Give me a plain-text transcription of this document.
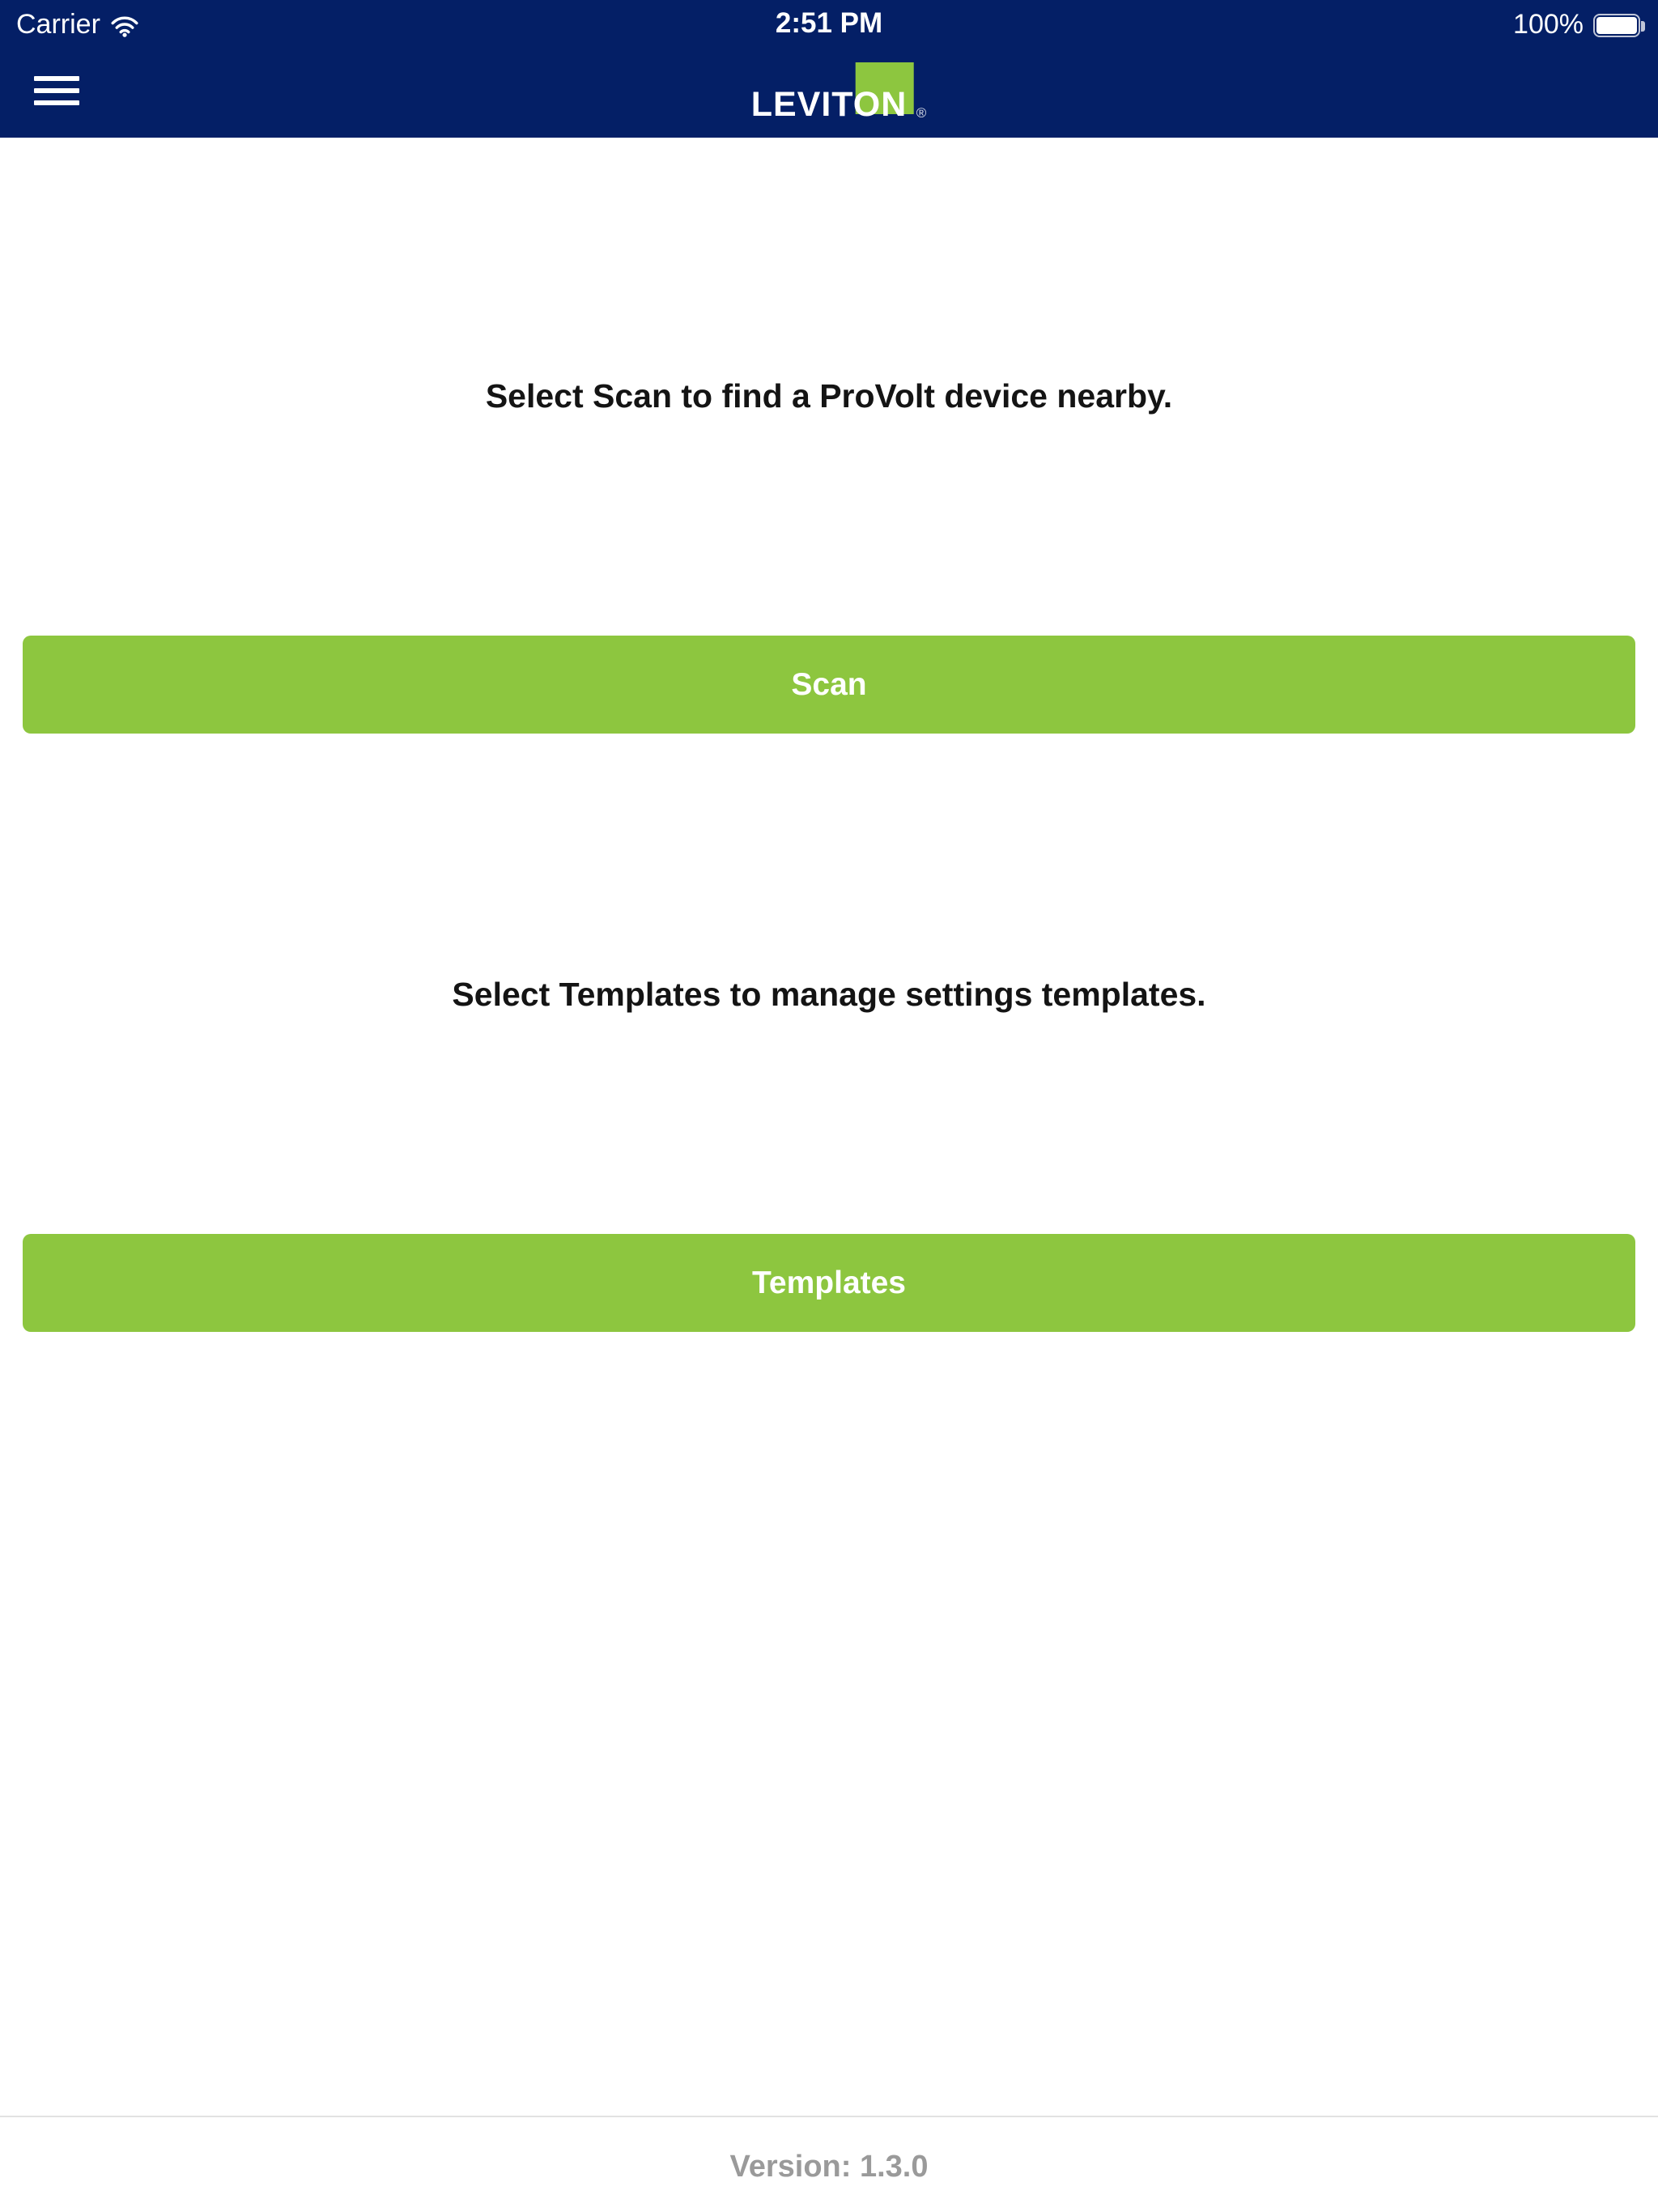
Carrier	2:51 PM	100%
LEVITON ®

Select Scan to find a ProVolt device nearby.

Scan

Select Templates to manage settings templates.

Templates
Version: 1.3.0
